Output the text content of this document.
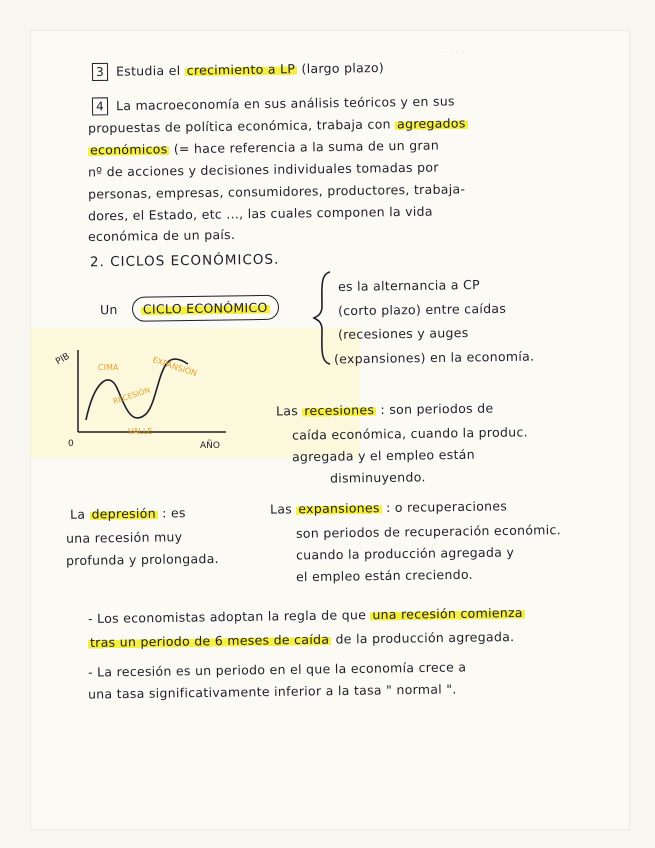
· · · · · ·
3 Estudia el crecimiento a LP (largo plazo)
4 La macroeconomía en sus análisis teóricos y en sus
propuestas de política económica, trabaja con agregados
económicos (= hace referencia a la suma de un gran
nº de acciones y decisiones individuales tomadas por
personas, empresas, consumidores, productores, trabaja-
dores, el Estado, etc ..., las cuales componen la vida
económica de un país.
2. CICLOS ECONÓMICOS.
Un CICLO ECONÓMICO
es la alternancia a CP
(corto plazo) entre caídas
(recesiones y auges
(expansiones) en la economía.
PIB
AÑO
0
CIMA	EXPANSIÓN
RECESIÓN
VALLE
Las recesiones : son periodos de
caída económica, cuando la produc.
agregada y el empleo están
disminuyendo.
La depresión : es
una recesión muy
profunda y prolongada.
Las expansiones : o recuperaciones
son periodos de recuperación económic.
cuando la producción agregada y
el empleo están creciendo.
- Los economistas adoptan la regla de que una recesión comienza
tras un periodo de 6 meses de caída de la producción agregada.
- La recesión es un periodo en el que la economía crece a
una tasa significativamente inferior a la tasa " normal ".
